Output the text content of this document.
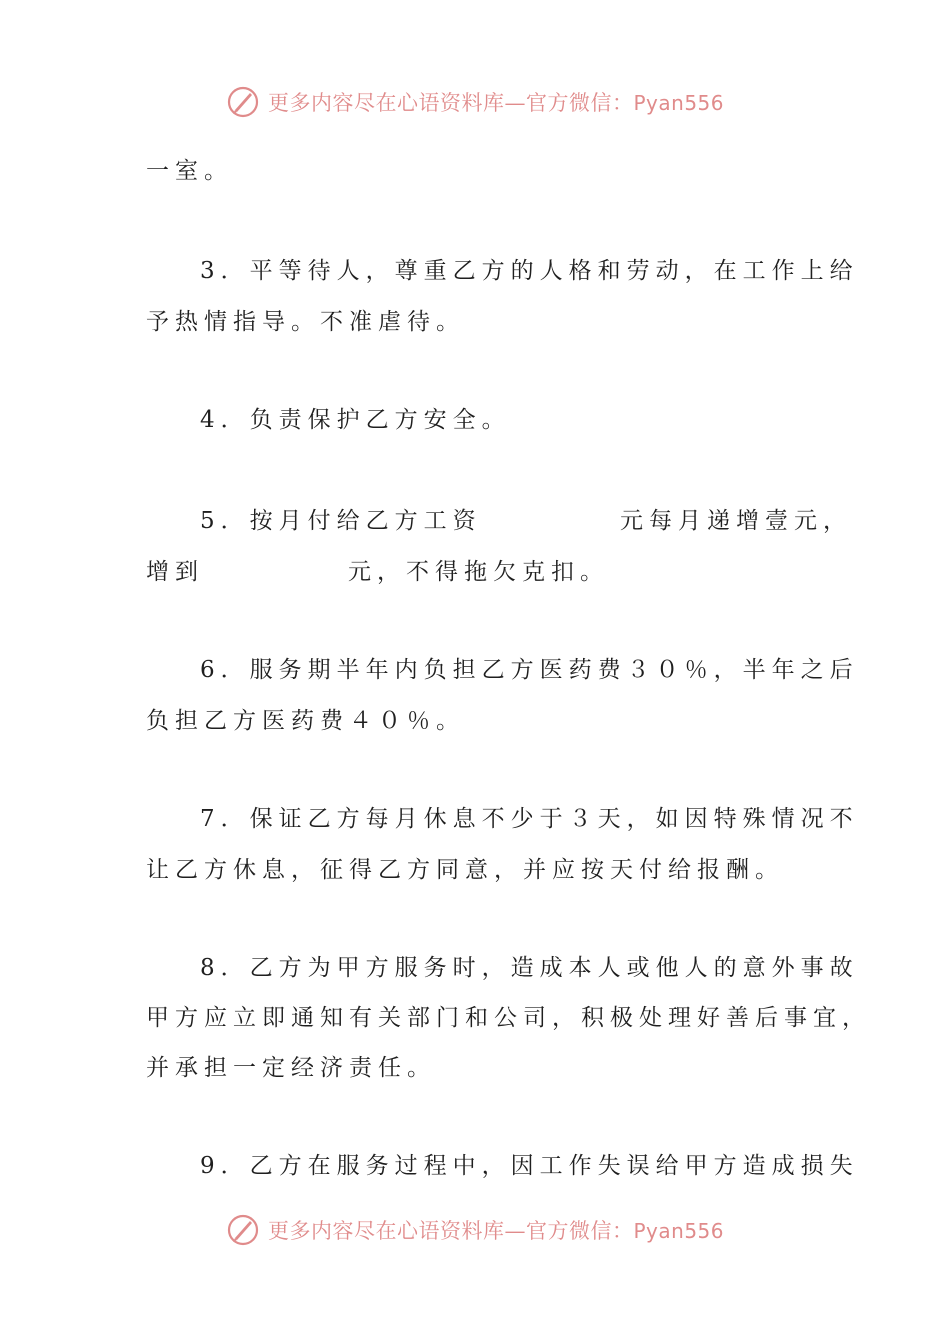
更多内容尽在心语资料库—官方微信：Pyan556
一室。
3．平等待人，尊重乙方的人格和劳动，在工作上给
予热情指导。不准虐待。
4．负责保护乙方安全。
5．按月付给乙方工资	元每月递增壹元，
增到	元，不得拖欠克扣。
6．服务期半年内负担乙方医药费３０％，半年之后
负担乙方医药费４０％。
7．保证乙方每月休息不少于３天，如因特殊情况不
让乙方休息，征得乙方同意，并应按天付给报酬。
8．乙方为甲方服务时，造成本人或他人的意外事故
甲方应立即通知有关部门和公司，积极处理好善后事宜，
并承担一定经济责任。
9．乙方在服务过程中，因工作失误给甲方造成损失
更多内容尽在心语资料库—官方微信：Pyan556
